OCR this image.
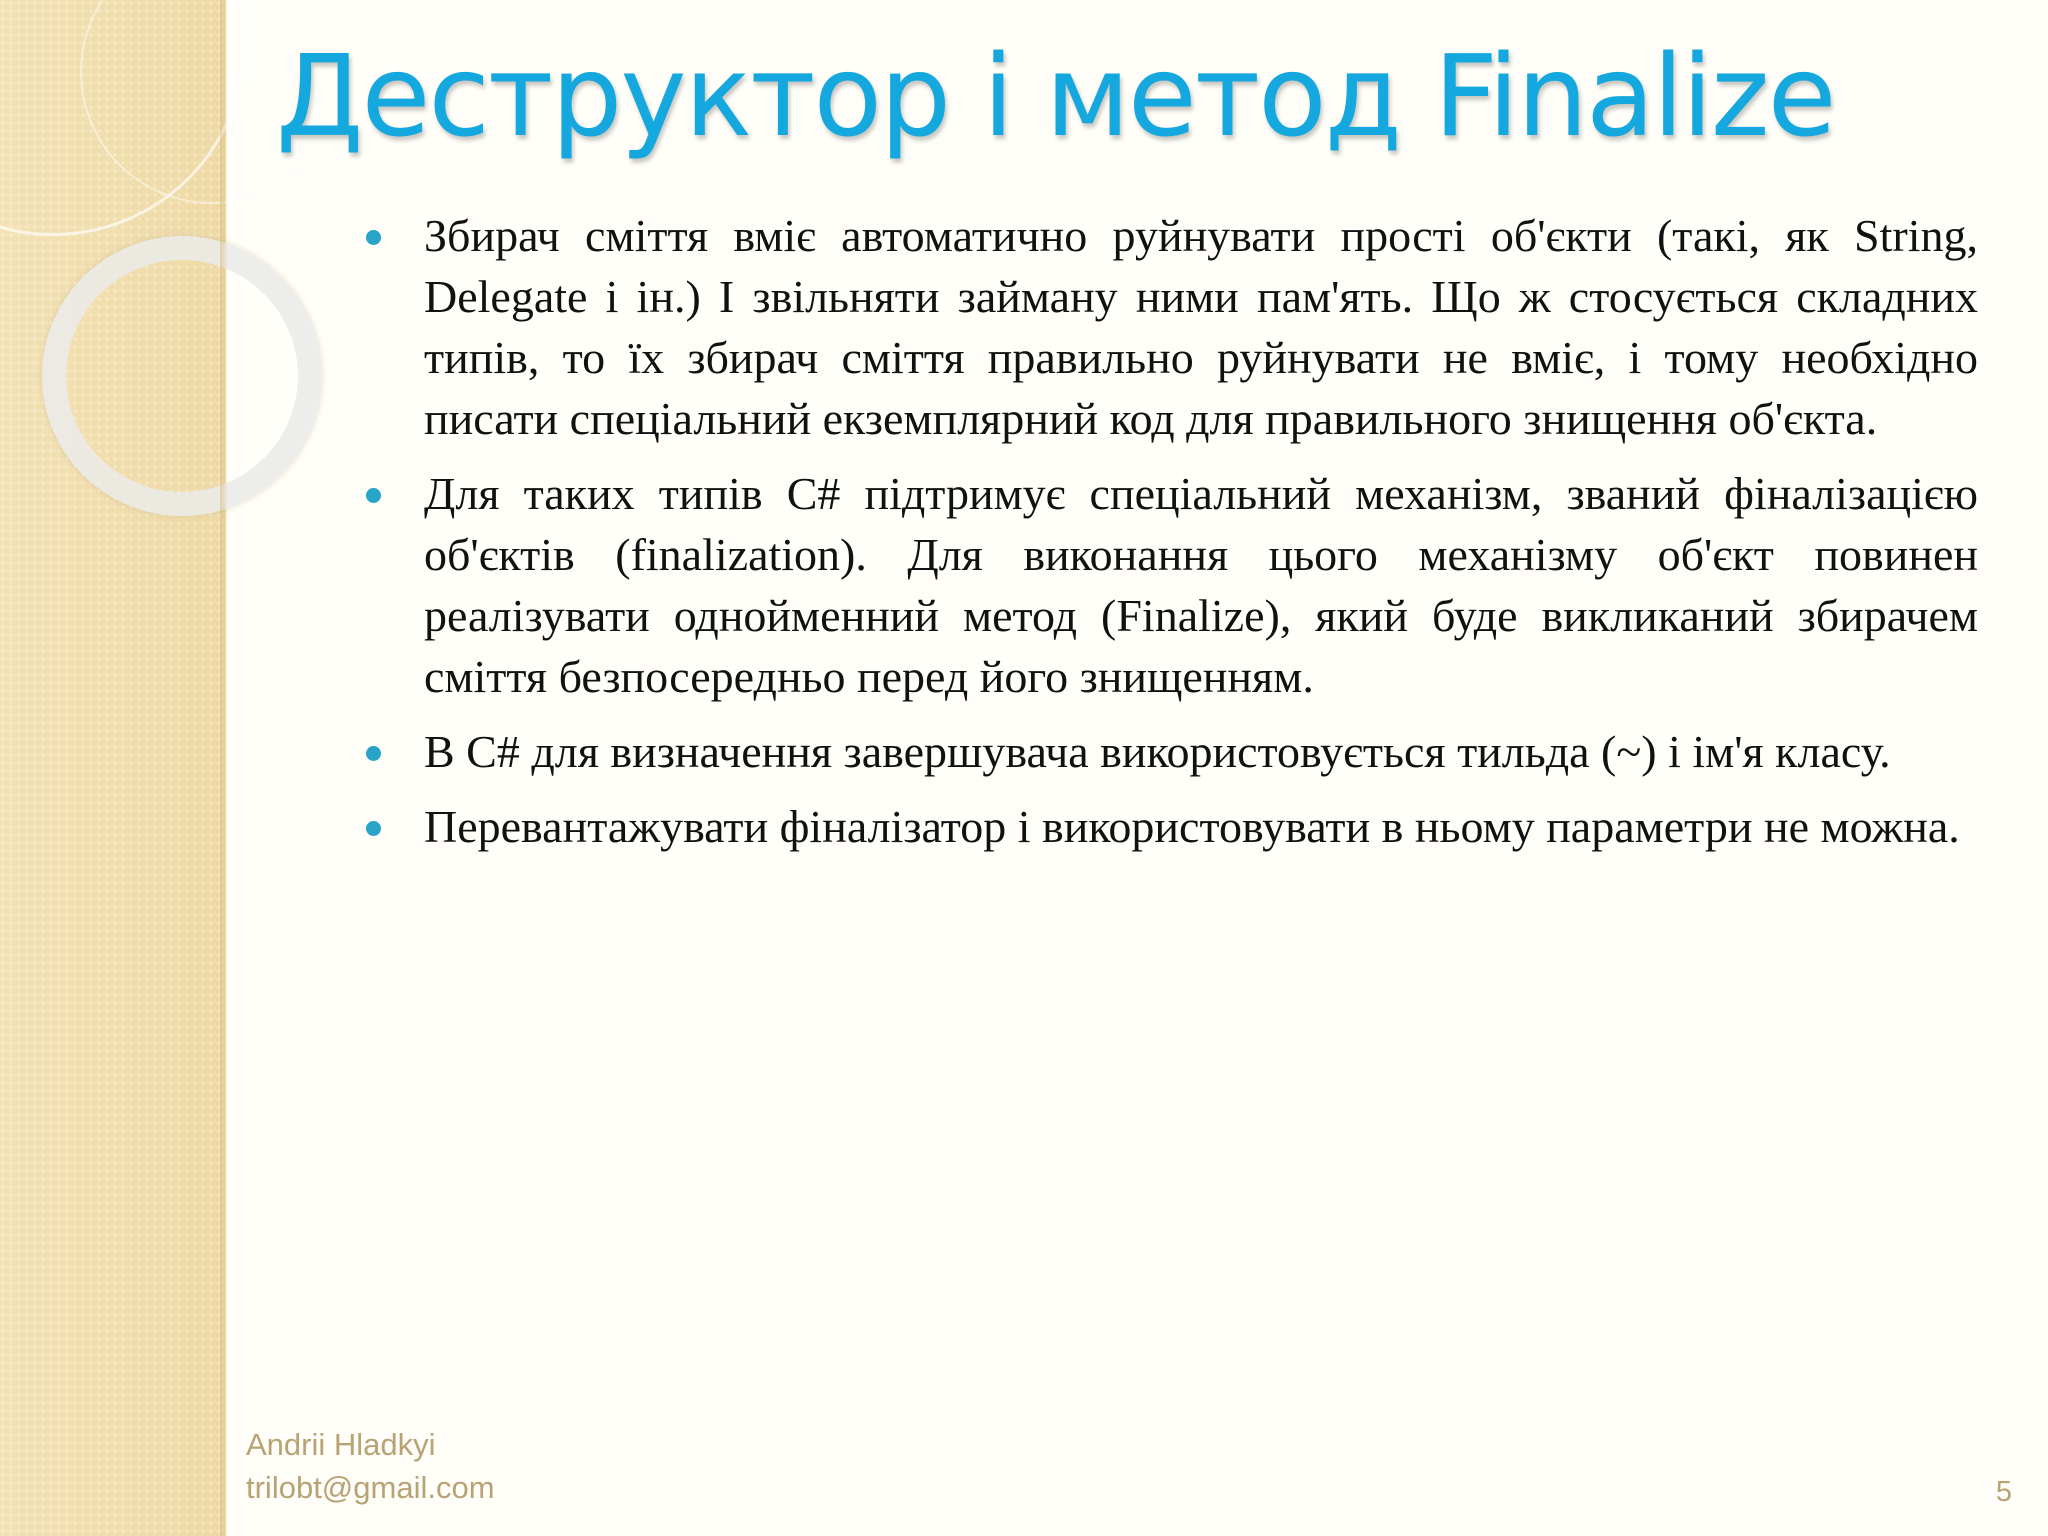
Деструктор і метод Finalize
Збирач сміття вміє автоматично руйнувати прості об'єкти (такі, як String, Delegate і ін.) І звільняти займану ними пам'ять. Що ж стосується складних типів, то їх збирач сміття правильно руйнувати не вміє, і тому необхідно писати спеціальний екземплярний код для правильного знищення об'єкта.
Для таких типів C# підтримує спеціальний механізм, званий фіналізацією об'єктів (finalization). Для виконання цього механізму об'єкт повинен реалізувати однойменний метод (Finalize), який буде викликаний збирачем сміття безпосередньо перед його знищенням.
В C# для визначення завершувача використовується тильда (~) і ім'я класу.
Перевантажувати фіналізатор і використовувати в ньому параметри не можна.
Andrii Hladkyi
trilobt@gmail.com	5
